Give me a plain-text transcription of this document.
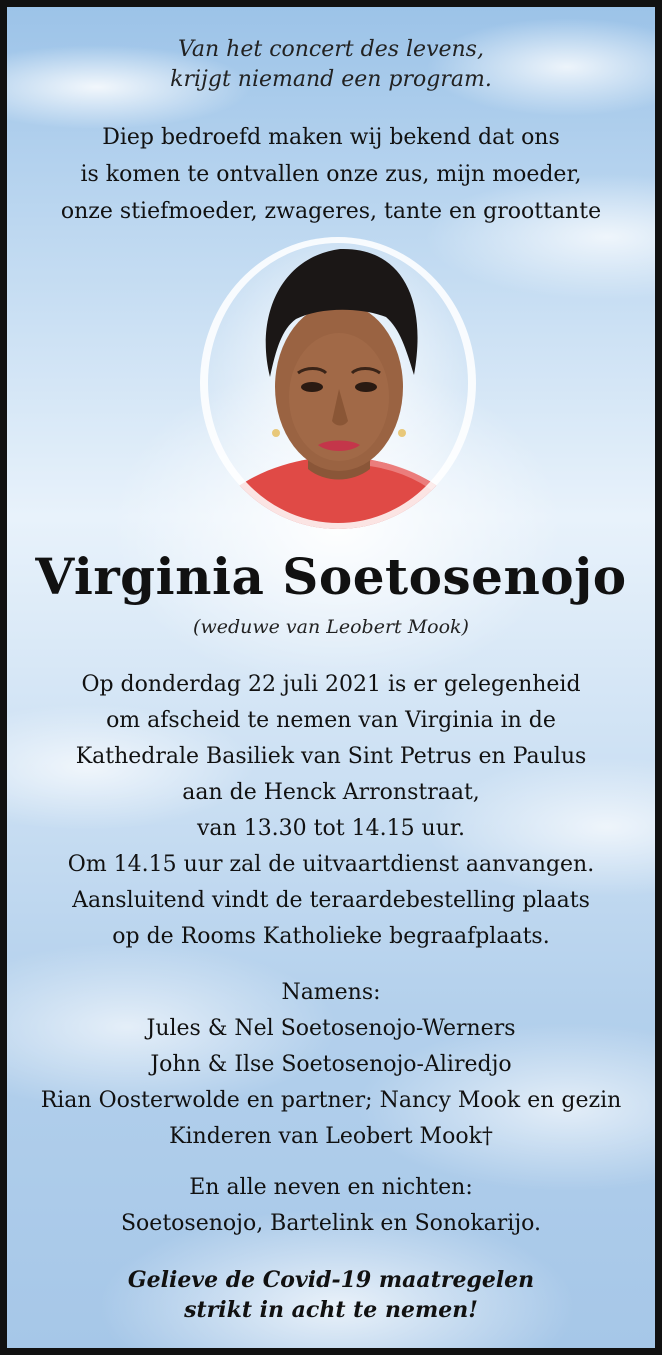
Van het concert des levens,
krijgt niemand een program.
Diep bedroefd maken wij bekend dat ons
is komen te ontvallen onze zus, mijn moeder,
onze stiefmoeder, zwageres, tante en groottante
Virginia Soetosenojo
(weduwe van Leobert Mook)
Op donderdag 22 juli 2021 is er gelegenheid
om afscheid te nemen van Virginia in de
Kathedrale Basiliek van Sint Petrus en Paulus
aan de Henck Arronstraat,
van 13.30 tot 14.15 uur.
Om 14.15 uur zal de uitvaartdienst aanvangen.
Aansluitend vindt de teraardebestelling plaats
op de Rooms Katholieke begraafplaats.
Namens:
Jules & Nel Soetosenojo-Werners
John & Ilse Soetosenojo-Aliredjo
Rian Oosterwolde en partner; Nancy Mook en gezin
Kinderen van Leobert Mook†
En alle neven en nichten:
Soetosenojo, Bartelink en Sonokarijo.
Gelieve de Covid-19 maatregelen
strikt in acht te nemen!
